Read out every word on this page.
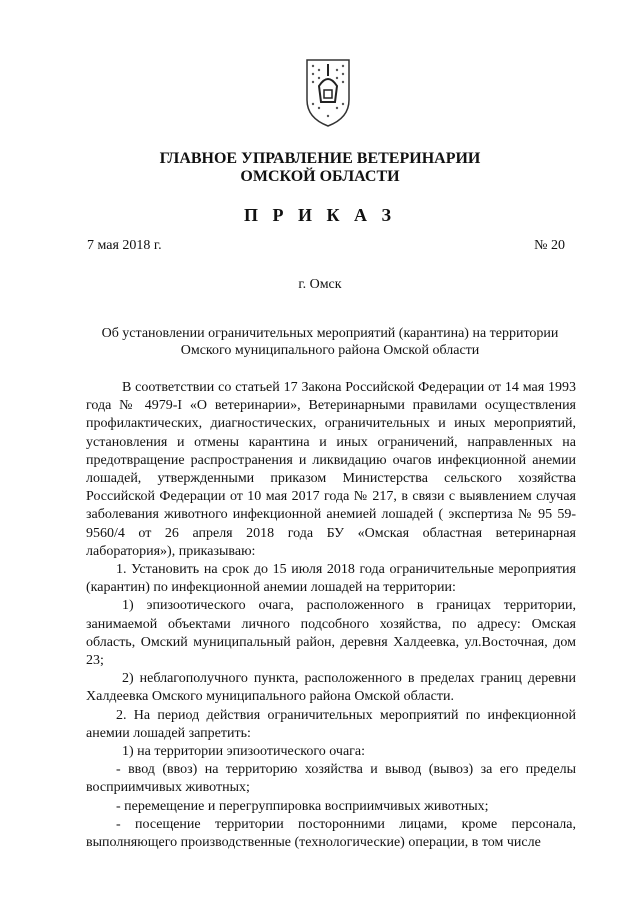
ГЛАВНОЕ УПРАВЛЕНИЕ ВЕТЕРИНАРИИ
ОМСКОЙ ОБЛАСТИ
П Р И К А З
7 мая 2018 г.	№ 20
г. Омск
Об установлении ограничительных мероприятий (карантина) на территории
Омского муниципального района Омской области

В соответствии со статьей 17 Закона Российской Федерации от 14 мая 1993 года № 4979-I «О ветеринарии», Ветеринарными правилами осуществления профилактических, диагностических, ограничительных и иных мероприятий, установления и отмены карантина и иных ограничений, направленных на предотвращение распространения и ликвидацию очагов инфекционной анемии лошадей, утвержденными приказом Министерства сельского хозяйства Российской Федерации от 10 мая 2017 года № 217, в связи с выявлением случая заболевания животного инфекционной анемией лошадей ( экспертиза № 95 59-9560/4 от 26 апреля 2018 года БУ «Омская областная ветеринарная лаборатория»), приказываю:

1. Установить на срок до 15 июля 2018 года ограничительные мероприятия (карантин) по инфекционной анемии лошадей на территории:

1) эпизоотического очага, расположенного в границах территории, занимаемой объектами личного подсобного хозяйства, по адресу: Омская область, Омский муниципальный район, деревня Халдеевка, ул.Восточная, дом 23;

2) неблагополучного пункта, расположенного в пределах границ деревни Халдеевка Омского муниципального района Омской области.

2. На период действия ограничительных мероприятий по инфекционной анемии лошадей запретить:

1) на территории эпизоотического очага:

- ввод (ввоз) на территорию хозяйства и вывод (вывоз) за его пределы восприимчивых животных;

- перемещение и перегруппировка восприимчивых животных;

- посещение территории посторонними лицами, кроме персонала, выполняющего производственные (технологические) операции, в том числе
